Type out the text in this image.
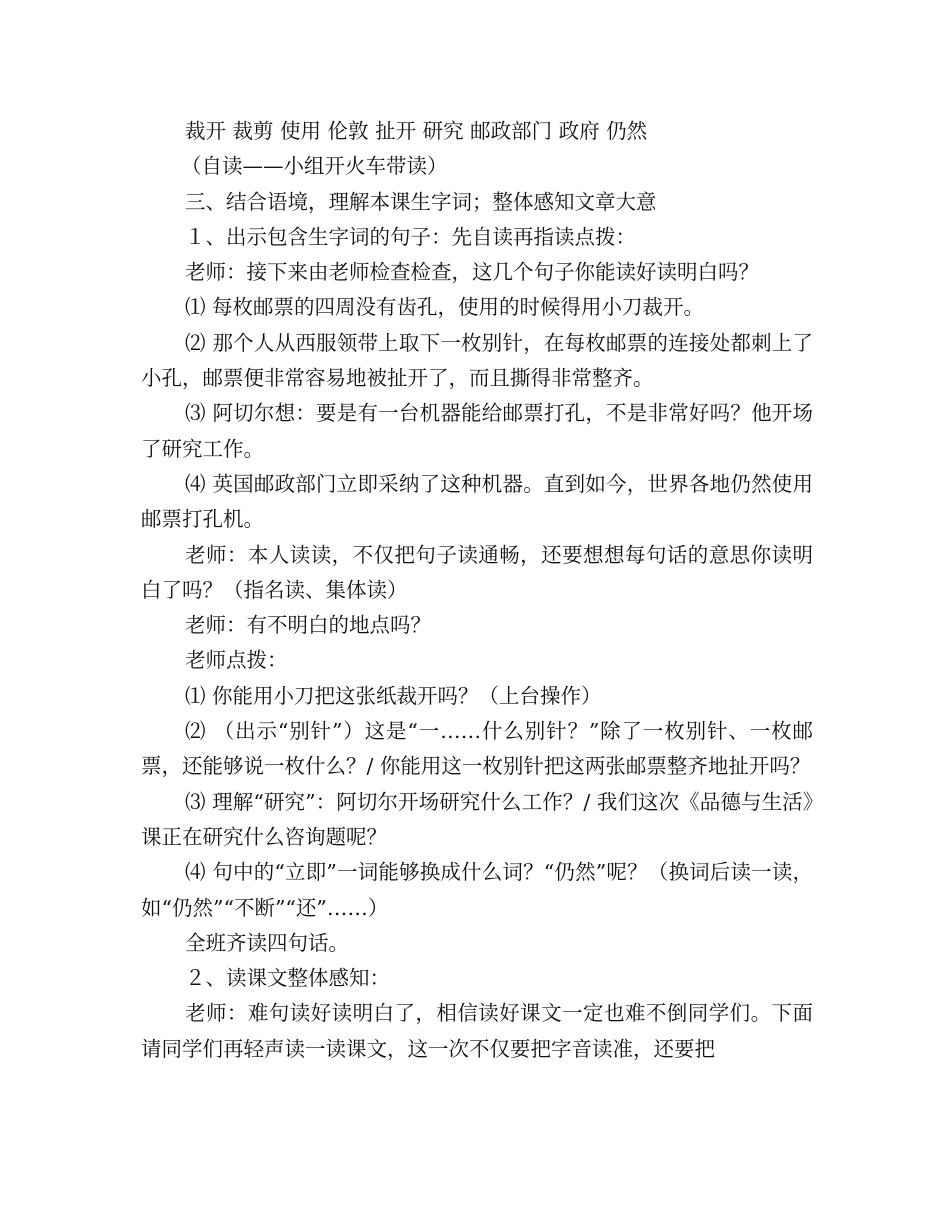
裁开 裁剪 使用 伦敦 扯开 研究 邮政部门 政府 仍然

（自读——小组开火车带读）

三、结合语境，理解本课生字词；整体感知文章大意

１、出示包含生字词的句子：先自读再指读点拨：

老师：接下来由老师检查检查，这几个句子你能读好读明白吗？

⑴ 每枚邮票的四周没有齿孔，使用的时候得用小刀裁开。

⑵ 那个人从西服领带上取下一枚别针，在每枚邮票的连接处都刺上了小孔，邮票便非常容易地被扯开了，而且撕得非常整齐。

⑶ 阿切尔想：要是有一台机器能给邮票打孔，不是非常好吗？他开场了研究工作。

⑷ 英国邮政部门立即采纳了这种机器。直到如今，世界各地仍然使用邮票打孔机。

老师：本人读读，不仅把句子读通畅，还要想想每句话的意思你读明白了吗？（指名读、集体读）

老师：有不明白的地点吗？

老师点拨：

⑴ 你能用小刀把这张纸裁开吗？（上台操作）

⑵ （出示“别针”）这是“一……什么别针？”除了一枚别针、一枚邮票，还能够说一枚什么？/ 你能用这一枚别针把这两张邮票整齐地扯开吗？

⑶ 理解“研究”：阿切尔开场研究什么工作？/ 我们这次《品德与生活》课正在研究什么咨询题呢？

⑷ 句中的“立即”一词能够换成什么词？“仍然”呢？（换词后读一读，如“仍然”“不断”“还”……）

全班齐读四句话。

２、读课文整体感知：

老师：难句读好读明白了，相信读好课文一定也难不倒同学们。下面请同学们再轻声读一读课文，这一次不仅要把字音读准，还要把
